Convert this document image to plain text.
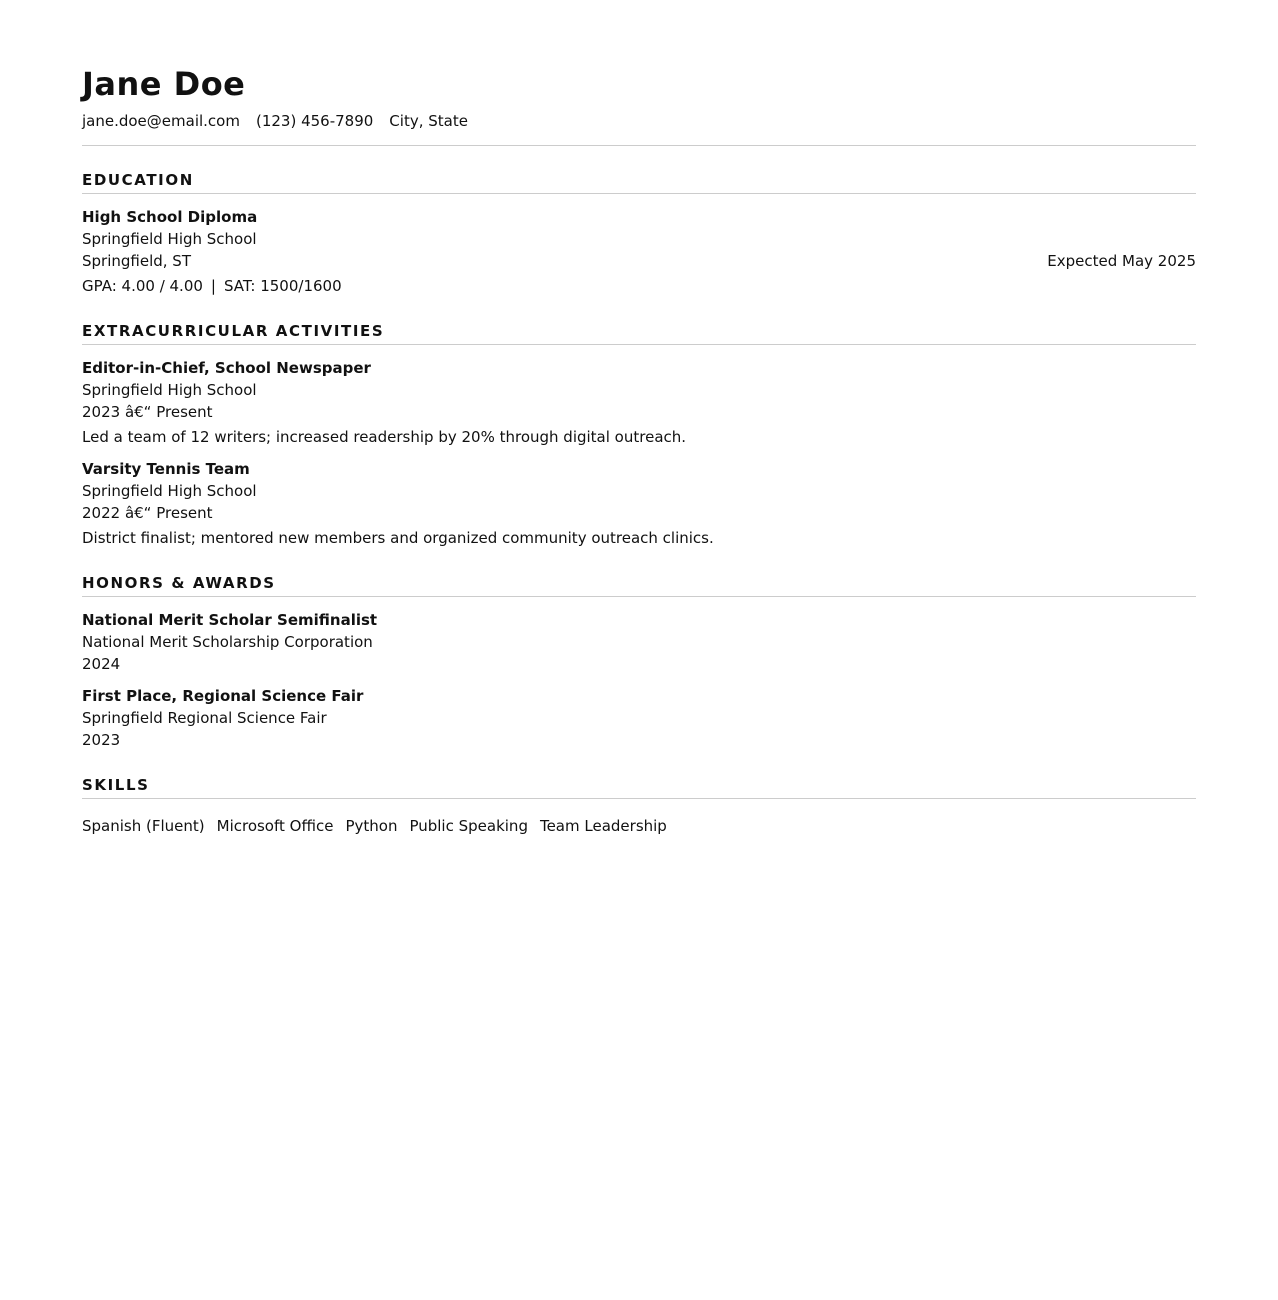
Jane Doe
jane.doe@email.com (123) 456-7890 City, State
EDUCATION
High School Diploma
Springfield High School
Springfield, ST	Expected May 2025
GPA: 4.00 / 4.00 | SAT: 1500/1600
EXTRACURRICULAR ACTIVITIES
Editor-in-Chief, School Newspaper
Springfield High School
2023 â€“ Present
Led a team of 12 writers; increased readership by 20% through digital outreach.
Varsity Tennis Team
Springfield High School
2022 â€“ Present
District finalist; mentored new members and organized community outreach clinics.
HONORS & AWARDS
National Merit Scholar Semifinalist
National Merit Scholarship Corporation
2024
First Place, Regional Science Fair
Springfield Regional Science Fair
2023
SKILLS
Spanish (Fluent) Microsoft Office Python Public Speaking Team Leadership
